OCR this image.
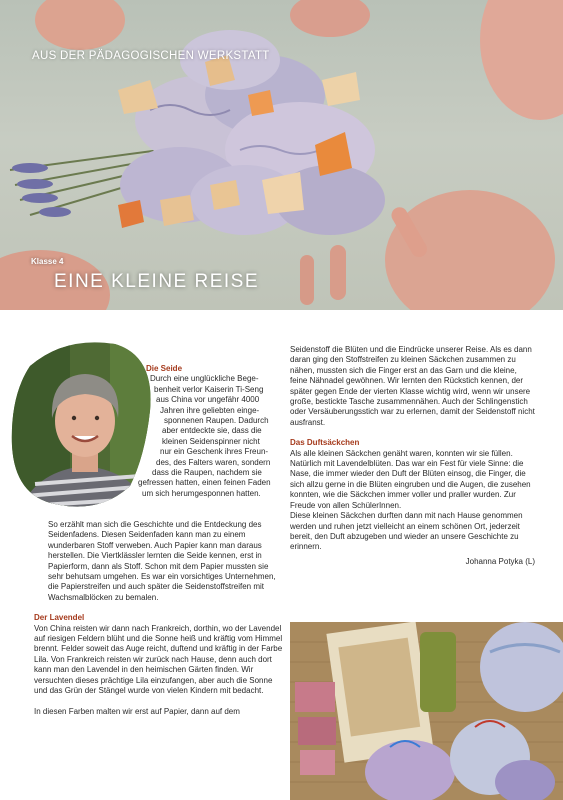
AUS DER PÄDAGOGISCHEN WERKSTATT
Klasse 4
EINE KLEINE REISE

Die Seide

Durch eine unglückliche Bege-

benheit verlor Kaiserin Ti-Seng

aus China vor ungefähr 4000

Jahren ihre geliebten einge-

sponnenen Raupen. Dadurch

aber entdeckte sie, dass die

kleinen Seidenspinner nicht

nur ein Geschenk ihres Freun-

des, des Falters waren, sondern

dass die Raupen, nachdem sie

gefressen hatten, einen feinen Faden

um sich herumgesponnen hatten.

So erzählt man sich die Geschichte und die Entdeckung des Seidenfadens. Diesen Seidenfaden kann man zu einem wunderbaren Stoff verweben. Auch Papier kann man daraus herstellen. Die Viertklässler lernten die Seide kennen, erst in Papierform, dann als Stoff. Schon mit dem Papier mussten sie sehr behutsam umgehen. Es war ein vorsichtiges Unternehmen, die Papierstreifen und auch später die Seidenstoffstreifen mit Wachsmalblöcken zu bemalen.

Der Lavendel

Von China reisten wir dann nach Frankreich, dorthin, wo der Lavendel auf riesigen Feldern blüht und die Sonne heiß und kräftig vom Himmel brennt. Felder soweit das Auge reicht, duftend und kräftig in der Farbe Lila. Von Frankreich reisten wir zurück nach Hause, denn auch dort kann man den Lavendel in den heimischen Gärten finden. Wir versuchten dieses prächtige Lila einzufangen, aber auch die Sonne und das Grün der Stängel wurde von vielen Kindern mit bedacht.

In diesen Farben malten wir erst auf Papier, dann auf dem

Seidenstoff die Blüten und die Eindrücke unserer Reise. Als es dann daran ging den Stoffstreifen zu kleinen Säckchen zusammen zu nähen, mussten sich die Finger erst an das Garn und die kleine, feine Nähnadel gewöhnen. Wir lernten den Rückstich kennen, der später gegen Ende der vierten Klasse wichtig wird, wenn wir unsere große, bestickte Tasche zusammennähen. Auch der Schlingenstich oder Versäuberungsstich war zu erlernen, damit der Seidenstoff nicht ausfranst.

Das Duftsäckchen

Als alle kleinen Säckchen genäht waren, konnten wir sie füllen. Natürlich mit Lavendelblüten. Das war ein Fest für viele Sinne: die Nase, die immer wieder den Duft der Blüten einsog, die Finger, die sich allzu gerne in die Blüten eingruben und die Augen, die zusehen konnten, wie die Säckchen immer voller und praller wurden. Zur Freude von allen SchülerInnen.

Diese kleinen Säckchen durften dann mit nach Hause genommen werden und ruhen jetzt vielleicht an einem schönen Ort, jederzeit bereit, den Duft abzugeben und wieder an unsere Geschichte zu erinnern.

Johanna Potyka (L)
